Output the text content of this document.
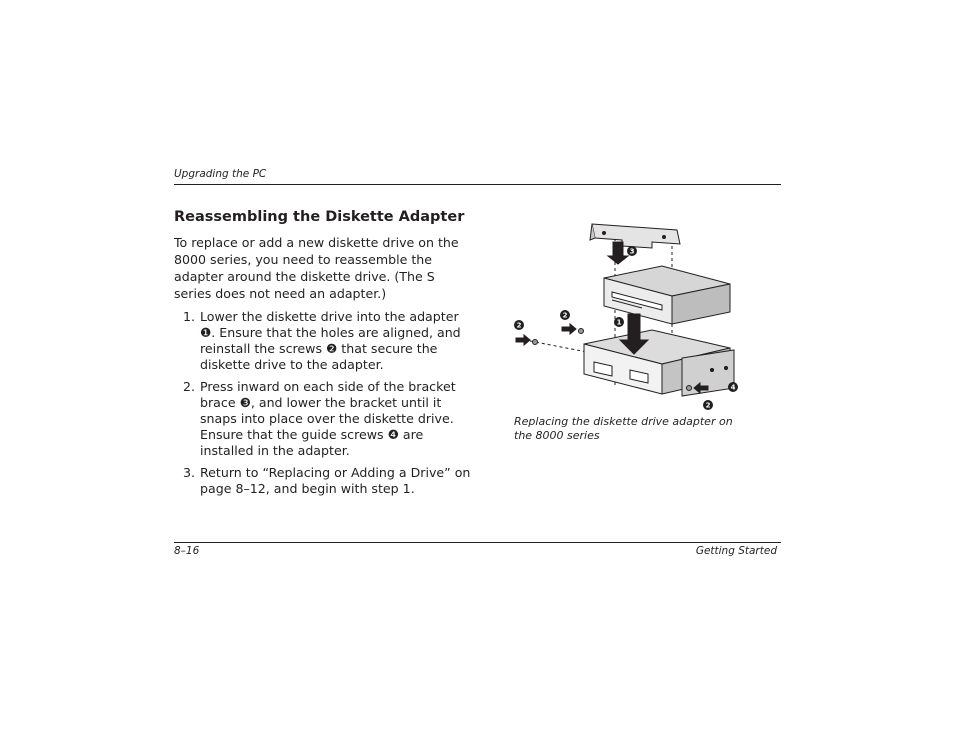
Upgrading the PC
Reassembling the Diskette Adapter

To replace or add a new diskette drive on the 8000 series, you need to reassemble the adapter around the diskette drive. (The S series does not need an adapter.)

1. Lower the diskette drive into the adapter ❶. Ensure that the holes are aligned, and reinstall the screws ❷ that secure the diskette drive to the adapter.
2. Press inward on each side of the bracket brace ❸, and lower the bracket until it snaps into place over the diskette drive. Ensure that the guide screws ❹ are installed in the adapter.
3. Return to “Replacing or Adding a Drive” on page 8–12, and begin with step 1.
3
2
2	1
4
2

Replacing the diskette drive adapter on the 8000 series

8–16	Getting Started
